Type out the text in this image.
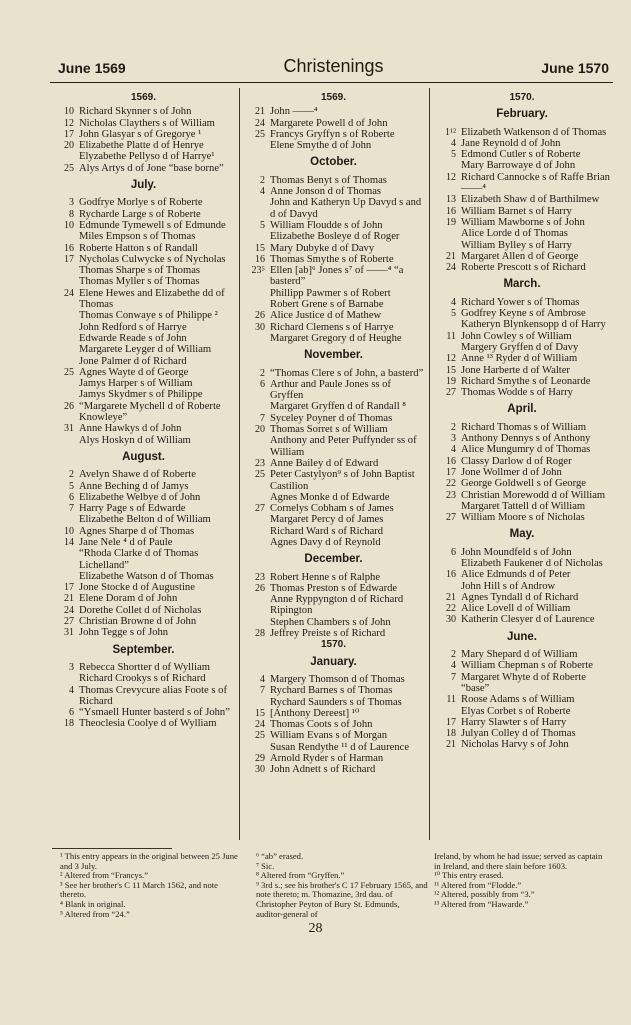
June 1569	Christenings	June 1570
1569.
10 Richard Skynner s of John
12 Nicholas Claythers s of William
17 John Glasyar s of Gregorye ¹
20 Elizabethe Platte d of Henrye Elyzabethe Pellyso d of Harrye¹
25 Alys Artys d of Jone “base borne”
July.
3 Godfrye Morlye s of Roberte
8 Rycharde Large s of Roberte
10 Edmunde Tymewell s of Edmunde
Miles Empson s of Thomas
16 Roberte Hatton s of Randall
17 Nycholas Culwycke s of Nycholas
Thomas Sharpe s of Thomas
Thomas Myller s of Thomas
24 Elene Hewes and Elizabethe dd of Thomas
Thomas Conwaye s of Philippe ²
John Redford s of Harrye
Edwarde Reade s of John
Margarete Leyger d of William
Jone Palmer d of Richard
25 Agnes Wayte d of George
Jamys Harper s of William
Jamys Skydmer s of Philippe
26 “Margarete Mychell d of Roberte Knowleye”
31 Anne Hawkys d of John
Alys Hoskyn d of William
August.
2 Avelyn Shawe d of Roberte
5 Anne Beching d of Jamys
6 Elizabethe Welbye d of John
7 Harry Page s of Edwarde
Elizabethe Belton d of William
10 Agnes Sharpe d of Thomas
14 Jane Nele ⁴ d of Paule
“Rhoda Clarke d of Thomas Lichelland”
Elizabethe Watson d of Thomas
17 Jone Stocke d of Augustine
21 Elene Doram d of John
24 Dorethe Collet d of Nicholas
27 Christian Browne d of John
31 John Tegge s of John
September.
3 Rebecca Shortter d of Wylliam
Richard Crookys s of Richard
4 Thomas Crevycure alias Foote s of Richard
6 “Ysmaell Hunter basterd s of John”
18 Theoclesia Coolye d of Wylliam
1569.
21 John ——⁴
24 Margarete Powell d of John
25 Francys Gryffyn s of Roberte
Elene Smythe d of John
October.
2 Thomas Benyt s of Thomas
4 Anne Jonson d of Thomas
John and Katheryn Up Davyd s and d of Davyd
5 William Floudde s of John
Elizabethe Bosleye d of Roger
15 Mary Dubyke d of Davy
16 Thomas Smythe s of Roberte
23⁵ Ellen [ab]⁶ Jones s⁷ of ——⁴ “a basterd”
Phillipp Pawmer s of Robert
Robert Grene s of Barnabe
26 Alice Justice d of Mathew
30 Richard Clemens s of Harrye
Margaret Gregory d of Heughe
November.
2 “Thomas Clere s of John, a basterd”
6 Arthur and Paule Jones ss of Gryffen
Margaret Gryffen d of Randall ⁸
7 Syceley Poyner d of Thomas
20 Thomas Sorret s of William
Anthony and Peter Puffynder ss of William
23 Anne Bailey d of Edward
25 Peter Castylyon⁹ s of John Baptist Castilion
Agnes Monke d of Edwarde
27 Cornelys Cobham s of James
Margaret Percy d of James
Richard Ward s of Richard
Agnes Davy d of Reynold
December.
23 Robert Henne s of Ralphe
26 Thomas Preston s of Edwarde
Anne Ryppyngton d of Richard Ripington
Stephen Chambers s of John
28 Jeffrey Preiste s of Richard
1570.
January.
4 Margery Thomson d of Thomas
7 Rychard Barnes s of Thomas
Rychard Saunders s of Thomas
15 [Anthony Dereest] ¹⁰
24 Thomas Coots s of John
25 William Evans s of Morgan
Susan Rendythe ¹¹ d of Laurence
29 Arnold Ryder s of Harman
30 John Adnett s of Richard
1570.
February.
1¹² Elizabeth Watkenson d of Thomas
4 Jane Reynold d of John
5 Edmond Cutler s of Roberte
Mary Barrowaye d of John
12 Richard Cannocke s of Raffe Brian ——⁴
13 Elizabeth Shaw d of Barthilmew
16 William Barnet s of Harry
19 William Mawborne s of John
Alice Lorde d of Thomas
William Bylley s of Harry
21 Margaret Allen d of George
24 Roberte Prescott s of Richard
March.
4 Richard Yower s of Thomas
5 Godfrey Keyne s of Ambrose
Katheryn Blynkensopp d of Harry
11 John Cowley s of William
Margery Gryffen d of Davy
12 Anne ¹³ Ryder d of William
15 Jone Harberte d of Walter
19 Richard Smythe s of Leonarde
27 Thomas Wodde s of Harry
April.
2 Richard Thomas s of William
3 Anthony Dennys s of Anthony
4 Alice Mungumry d of Thomas
16 Classy Darlow d of Roger
17 Jone Wollmer d of John
22 George Goldwell s of George
23 Christian Morewodd d of William
Margaret Tattell d of William
27 William Moore s of Nicholas
May.
6 John Moundfeld s of John
Elizabeth Faukener d of Nicholas
16 Alice Edmunds d of Peter
John Hill s of Androw
21 Agnes Tyndall d of Richard
22 Alice Lovell d of William
30 Katherin Clesyer d of Laurence
June.
2 Mary Shepard d of William
4 William Chepman s of Roberte
7 Margaret Whyte d of Roberte “base”
11 Roose Adams s of William
Elyas Corbet s of Roberte
17 Harry Slawter s of Harry
18 Julyan Colley d of Thomas
21 Nicholas Harvy s of John
¹ This entry appears in the original between 25 June and 3 July.
² Altered from “Francys.”
³ See her brother's C 11 March 1562, and note thereto.
⁴ Blank in original.
⁵ Altered from “24.”
⁶ “ab” erased.
⁷ Sic.
⁸ Altered from “Gryffen.”
⁹ 3rd s.; see his brother's C 17 February 1565, and note thereto; m. Thomazine, 3rd dau. of Christopher Peyton of Bury St. Edmunds, auditor-general of
Ireland, by whom he had issue; served as captain in Ireland, and there slain before 1603.
¹⁰ This entry erased.
¹¹ Altered from “Flodde.”
¹² Altered, possibly from “3.”
¹³ Altered from “Hawarde.”
28
